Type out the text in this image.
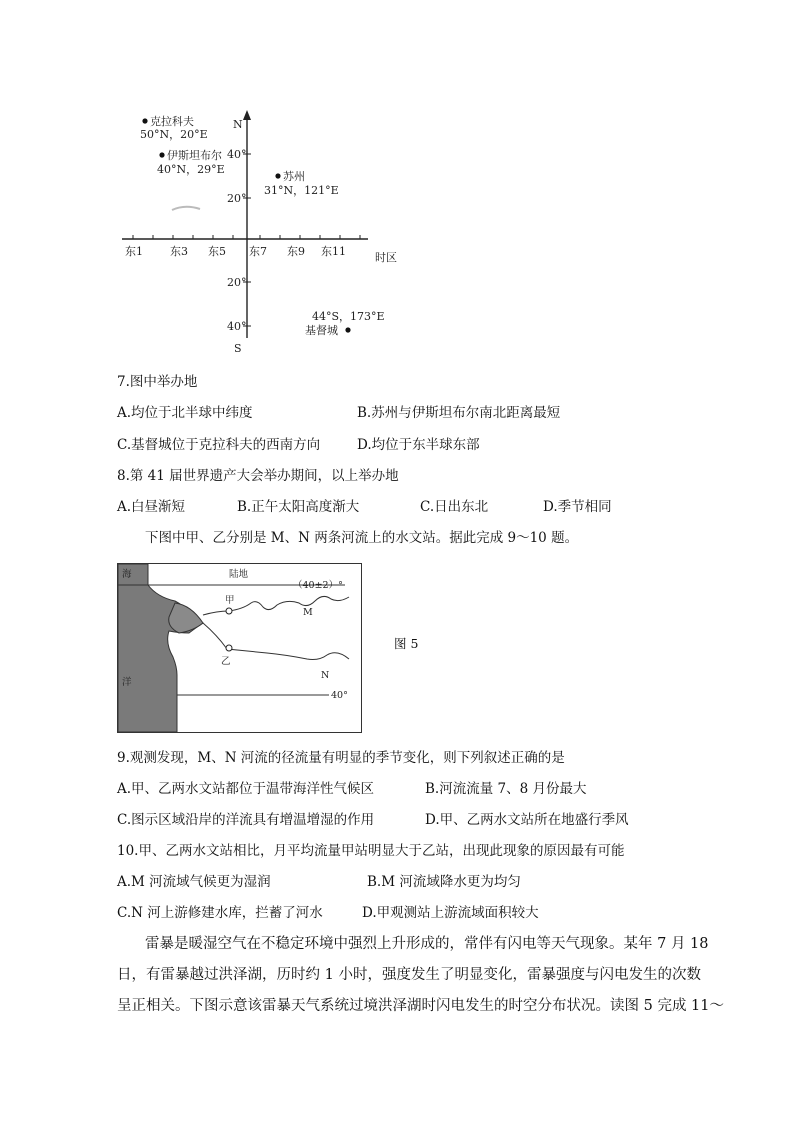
N
S
40°
20°
20°
40°
东1 东3 东5 东7 东9 东11	时区
克拉科夫
50°N，20°E
伊斯坦布尔
40°N，29°E
苏州
31°N，121°E
44°S，173°E
基督城
7.图中举办地
A.均位于北半球中纬度	B.苏州与伊斯坦布尔南北距离最短
C.基督城位于克拉科夫的西南方向	D.均位于东半球东部
8.第 41 届世界遗产大会举办期间，以上举办地
A.白昼渐短	B.正午太阳高度渐大	C.日出东北	D.季节相同
下图中甲、乙分别是 M、N 两条河流上的水文站。据此完成 9～10 题。
海
洋
陆地
（40±2）°
甲
乙
M
N
40°
图 5
9.观测发现，M、N 河流的径流量有明显的季节变化，则下列叙述正确的是
A.甲、乙两水文站都位于温带海洋性气候区	B.河流流量 7、8 月份最大
C.图示区域沿岸的洋流具有增温增湿的作用	D.甲、乙两水文站所在地盛行季风
10.甲、乙两水文站相比，月平均流量甲站明显大于乙站，出现此现象的原因最有可能
A.M 河流域气候更为湿润	B.M 河流域降水更为均匀
C.N 河上游修建水库，拦蓄了河水	D.甲观测站上游流域面积较大
雷暴是暖湿空气在不稳定环境中强烈上升形成的，常伴有闪电等天气现象。某年 7 月 18
日，有雷暴越过洪泽湖，历时约 1 小时，强度发生了明显变化，雷暴强度与闪电发生的次数
呈正相关。下图示意该雷暴天气系统过境洪泽湖时闪电发生的时空分布状况。读图 5 完成 11～
